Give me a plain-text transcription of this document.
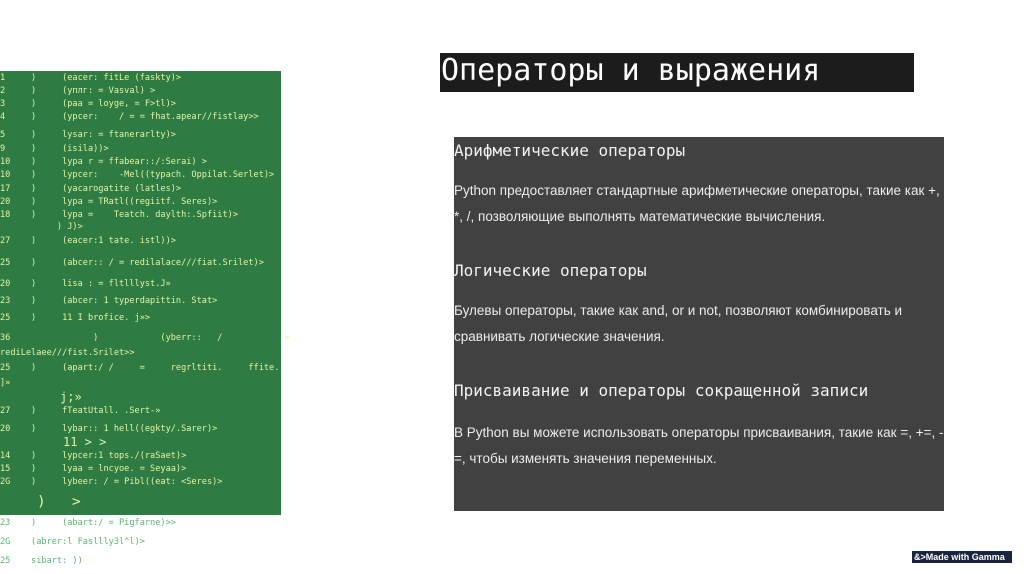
1     )     (eacer: fitLe (faskty)>
2     )     (yплг: = Vasval) >
3     )     (paa = loyge, = F>tl)>
4     )     (ypcer:    / = = fhat.apear//fistlay>>
5     )     lysar: = ftanerarlty)>
9     )     (isila))>
10    )     lypa r = ffabear::/:Serai) >
10    )     lypcer:    -Mel((typach. Oppilat.Serlet)>
17    )     (yacarogatite (latles)>
20    )     lypa = TRatl((regiitf. Seres)>
18    )     lypa =    Teatch. daylth:.Spfiit)>
) J)>
27    )     (eacer:1 tate. istl))>
25    )     (abcer:: / = redilalace///fiat.Srilet)>
20    )     lisa : = fltlllyst.J»
23    )     (abcer: 1 typerdapittin. Stat>
25    )     11 I brofice. j»>
36                )            (yberr::   /            =
rediLelaee///fist.Srilet>>
25    )     (apart:/ /     =     regrltiti.     ffite.
]»
j;»
27    )     fTeatUtall. .Sert-»
20    )     lybar:: 1 hell((egkty/.Sarer)>
11 > >
14    )     lypcer:1 tops./(raSaet)>
15    )     lyaa = lncyoe. = Seyaa)>
2G    )     lybeer: / = Pibl((eat: <Seres)>
)   >
23    )     (abart:/ = Pigfarne)>>
2G    (abrer:l Faslllу3l^l)>
25    sibart: ))
Операторы и выражения
Арифметические операторы
Python предоставляет стандартные арифметические операторы, такие как +, *, /, позволяющие выполнять математические вычисления.
Логические операторы
Булевы операторы, такие как and, or и not, позволяют комбинировать и сравнивать логические значения.
Присваивание и операторы сокращенной записи
В Python вы можете использовать операторы присваивания, такие как =, +=, -=, чтобы изменять значения переменных.
&>Made with Gamma
